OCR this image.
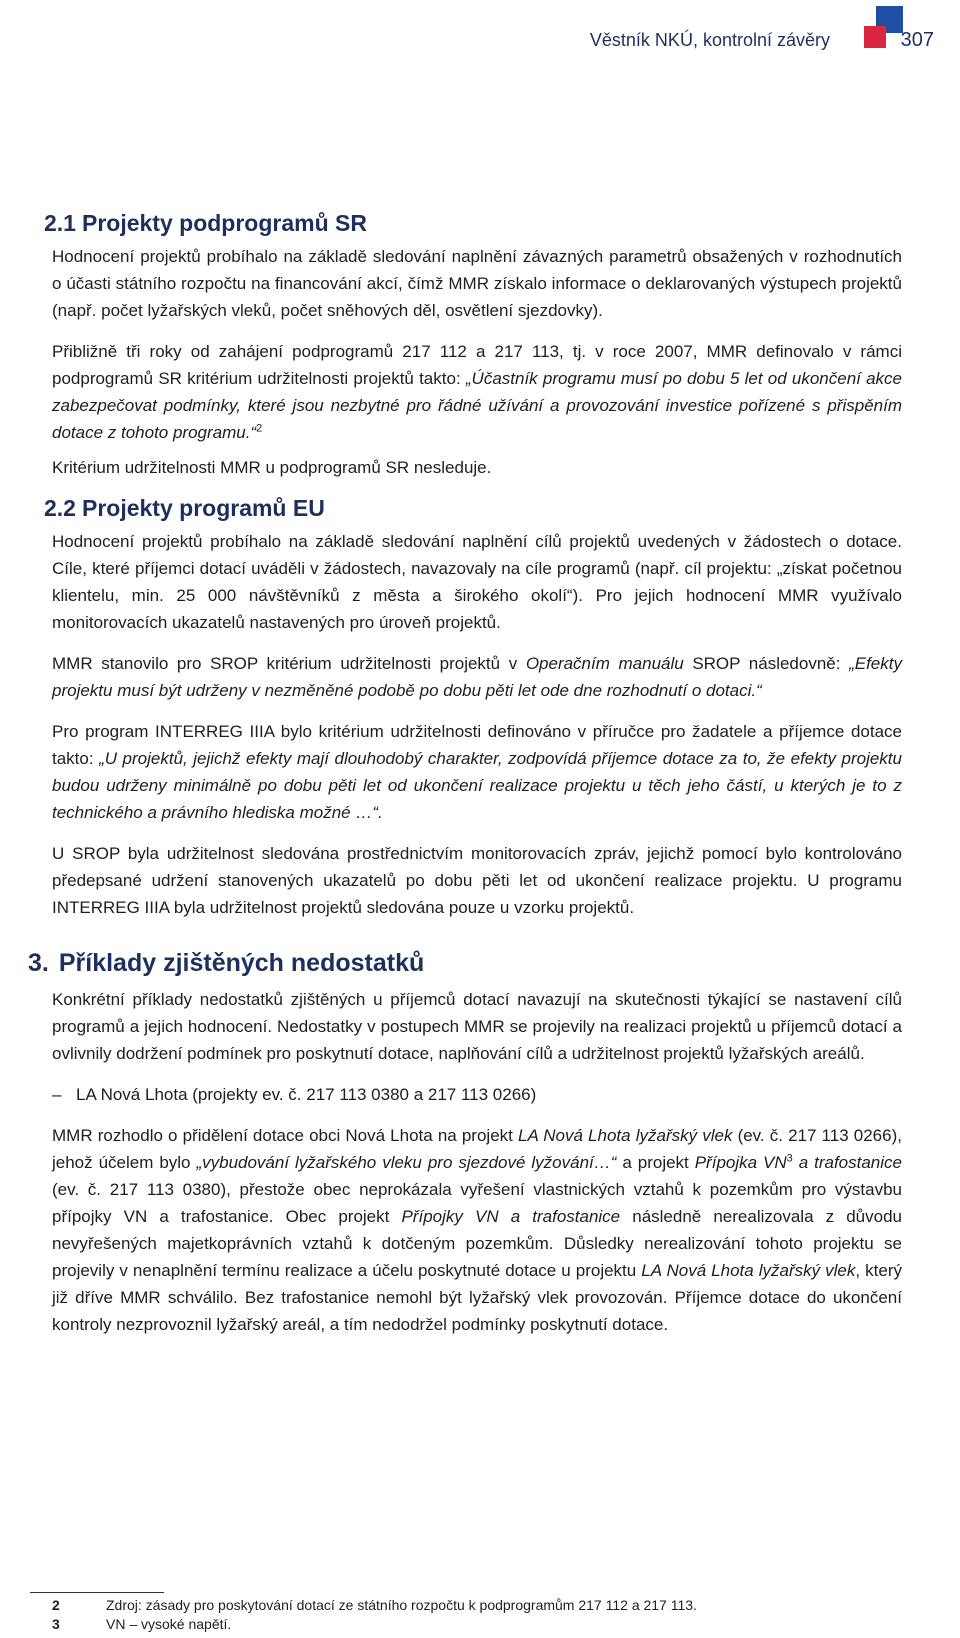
Věstník NKÚ, kontrolní závěry	307
2.1 Projekty podprogramů SR

Hodnocení projektů probíhalo na základě sledování naplnění závazných parametrů obsažených v rozhodnutích o účasti státního rozpočtu na financování akcí, čímž MMR získalo informace o deklarovaných výstupech projektů (např. počet lyžařských vleků, počet sněhových děl, osvětlení sjezdovky).

Přibližně tři roky od zahájení podprogramů 217 112 a 217 113, tj. v roce 2007, MMR definovalo v rámci podprogramů SR kritérium udržitelnosti projektů takto: „Účastník programu musí po dobu 5 let od ukončení akce zabezpečovat podmínky, které jsou nezbytné pro řádné užívání a provozování investice pořízené s přispěním dotace z tohoto programu.“$^2$

Kritérium udržitelnosti MMR u podprogramů SR nesleduje.

2.2 Projekty programů EU

Hodnocení projektů probíhalo na základě sledování naplnění cílů projektů uvedených v žádostech o dotace. Cíle, které příjemci dotací uváděli v žádostech, navazovaly na cíle programů (např. cíl projektu: „získat početnou klientelu, min. 25 000 návštěvníků z města a širokého okolí“). Pro jejich hodnocení MMR využívalo monitorovacích ukazatelů nastavených pro úroveň projektů.

MMR stanovilo pro SROP kritérium udržitelnosti projektů v Operačním manuálu SROP následovně: „Efekty projektu musí být udrženy v nezměněné podobě po dobu pěti let ode dne rozhodnutí o dotaci.“

Pro program INTERREG IIIA bylo kritérium udržitelnosti definováno v příručce pro žadatele a příjemce dotace takto: „U projektů, jejichž efekty mají dlouhodobý charakter, zodpovídá příjemce dotace za to, že efekty projektu budou udrženy minimálně po dobu pěti let od ukončení realizace projektu u těch jeho částí, u kterých je to z technického a právního hlediska možné …“.

U SROP byla udržitelnost sledována prostřednictvím monitorovacích zpráv, jejichž pomocí bylo kontrolováno předepsané udržení stanovených ukazatelů po dobu pěti let od ukončení realizace projektu. U programu INTERREG IIIA byla udržitelnost projektů sledována pouze u vzorku projektů.

3. Příklady zjištěných nedostatků

Konkrétní příklady nedostatků zjištěných u příjemců dotací navazují na skutečnosti týkající se nastavení cílů programů a jejich hodnocení. Nedostatky v postupech MMR se projevily na realizaci projektů u příjemců dotací a ovlivnily dodržení podmínek pro poskytnutí dotace, naplňování cílů a udržitelnost projektů lyžařských areálů.

– LA Nová Lhota (projekty ev. č. 217 113 0380 a 217 113 0266)

MMR rozhodlo o přidělení dotace obci Nová Lhota na projekt LA Nová Lhota lyžařský vlek (ev. č. 217 113 0266), jehož účelem bylo „vybudování lyžařského vleku pro sjezdové lyžování…“ a projekt Přípojka $VN^3$ a trafostanice (ev. č. 217 113 0380), přestože obec neprokázala vyřešení vlastnických vztahů k pozemkům pro výstavbu přípojky VN a trafostanice. Obec projekt Přípojky VN a trafostanice následně nerealizovala z důvodu nevyřešených majetkoprávních vztahů k dotčeným pozemkům. Důsledky nerealizování tohoto projektu se projevily v nenaplnění termínu realizace a účelu poskytnuté dotace u projektu LA Nová Lhota lyžařský vlek, který již dříve MMR schválilo. Bez trafostanice nemohl být lyžařský vlek provozován. Příjemce dotace do ukončení kontroly nezprovoznil lyžařský areál, a tím nedodržel podmínky poskytnutí dotace.

2	Zdroj: zásady pro poskytování dotací ze státního rozpočtu k podprogramům 217 112 a 217 113.
3	VN – vysoké napětí.
